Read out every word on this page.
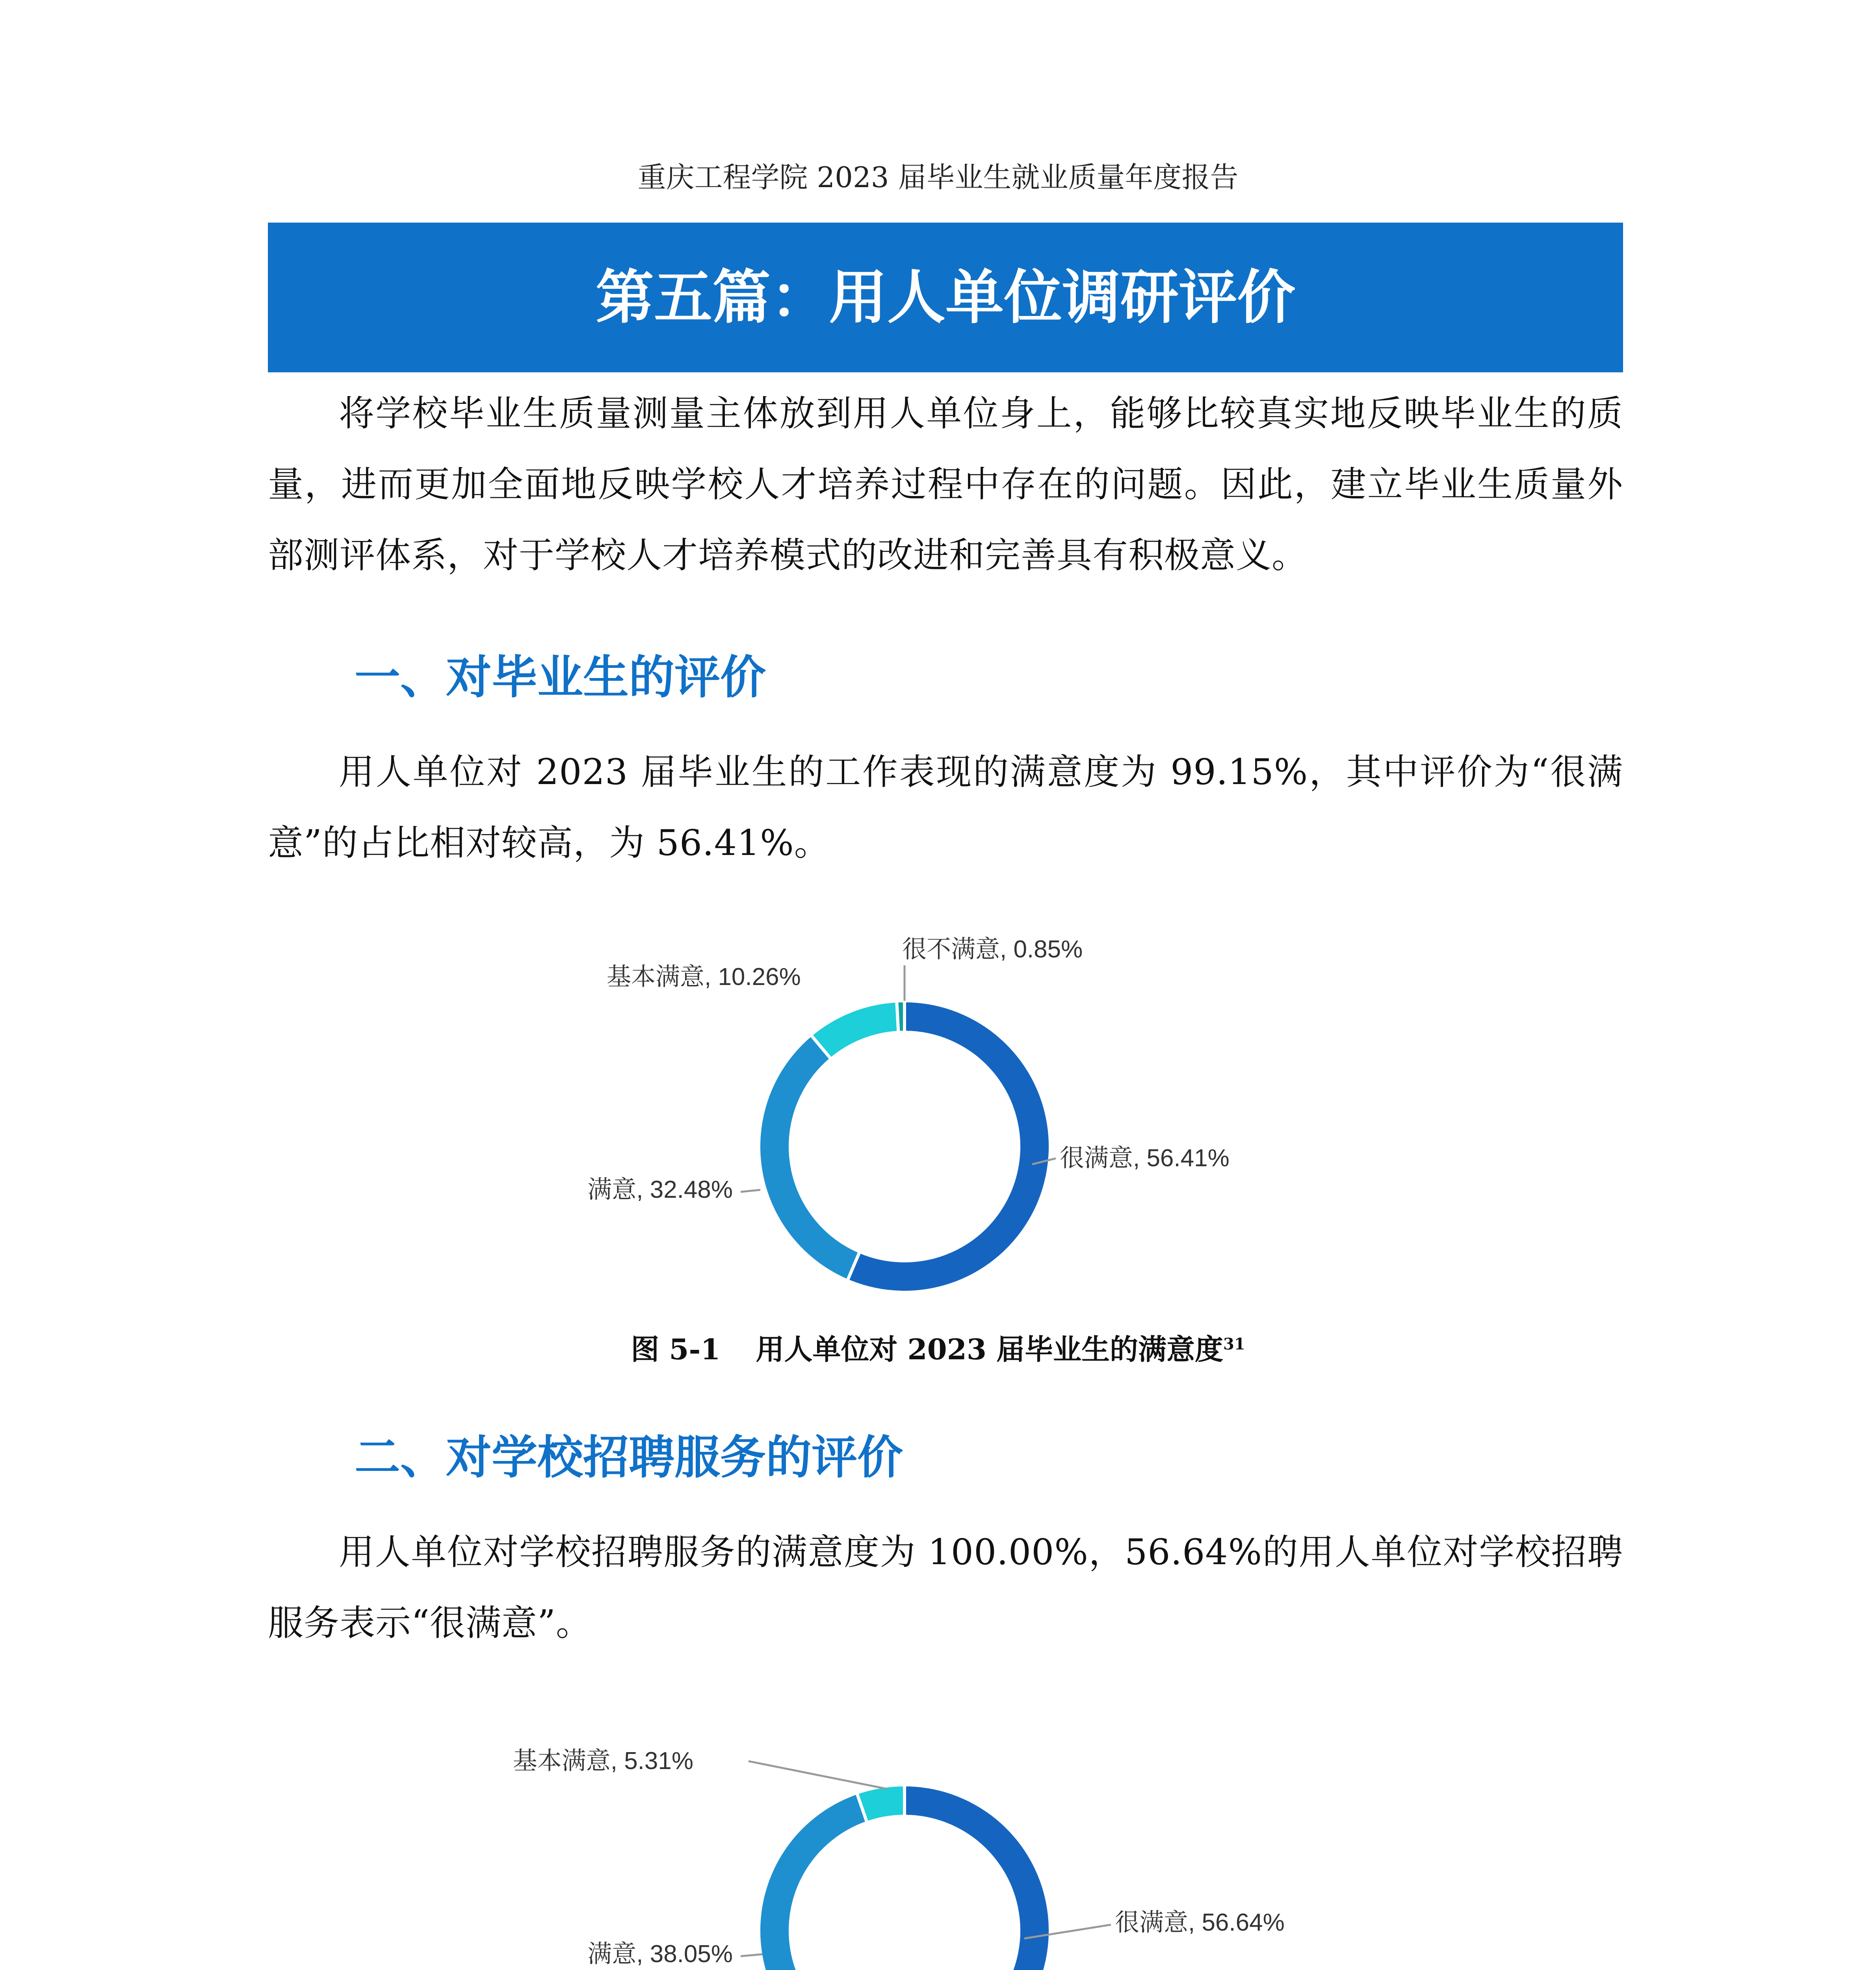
重庆工程学院 2023 届毕业生就业质量年度报告
第五篇：用人单位调研评价

将学校毕业生质量测量主体放到用人单位身上，能够比较真实地反映毕业生的质量，进而更加全面地反映学校人才培养过程中存在的问题。因此，建立毕业生质量外部测评体系，对于学校人才培养模式的改进和完善具有积极意义。

一、对毕业生的评价

用人单位对 2023 届毕业生的工作表现的满意度为 99.15%，其中评价为“很满意”的占比相对较高，为 56.41%。

很满意, 56.41%
满意, 32.48%
基本满意, 10.26%
很不满意, 0.85%
图 5-1 用人单位对 2023 届毕业生的满意度$^{31}$
二、对学校招聘服务的评价

用人单位对学校招聘服务的满意度为 100.00%，56.64%的用人单位对学校招聘服务表示“很满意”。

很满意, 56.64%
满意, 38.05%
基本满意, 5.31%
